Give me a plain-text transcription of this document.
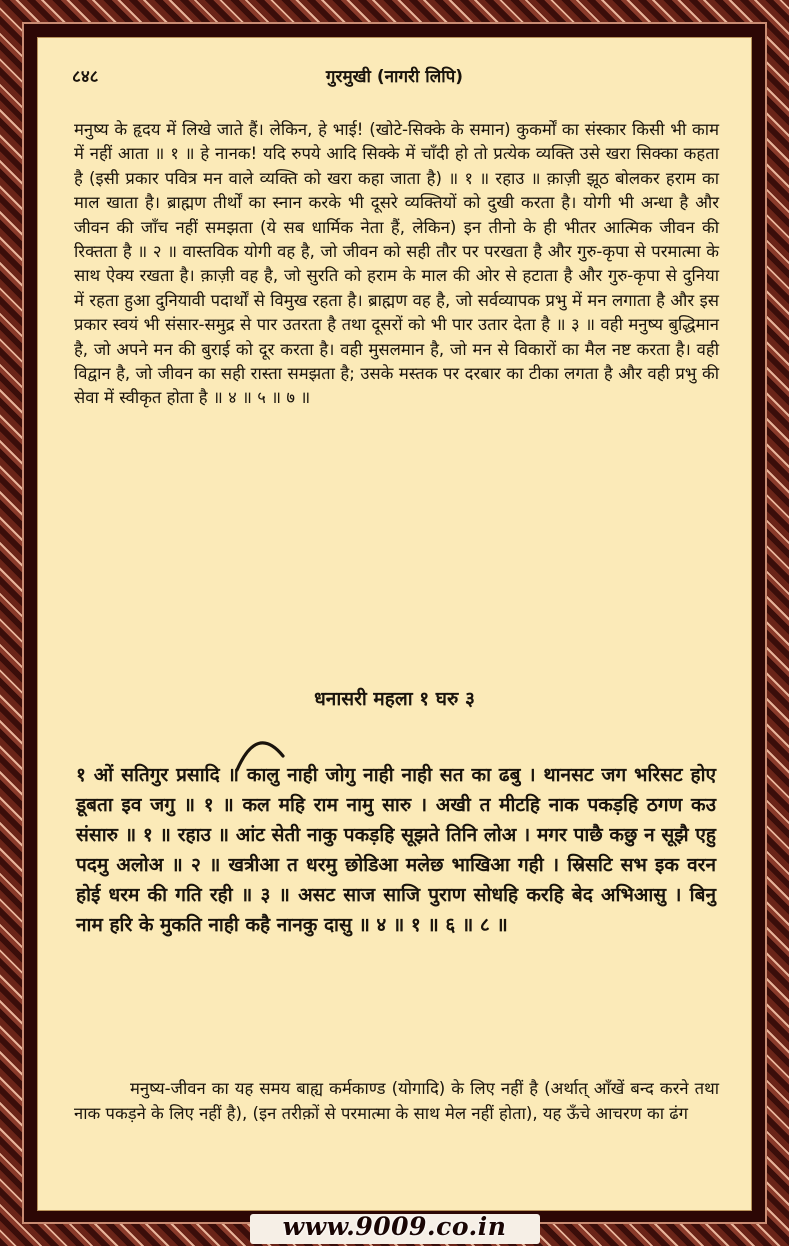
८४८	गुरमुखी (नागरी लिपि)

मनुष्य के हृदय में लिखे जाते हैं। लेकिन, हे भाई! (खोटे-सिक्के के समान) कुकर्मों का संस्कार किसी भी काम में नहीं आता ॥ १ ॥ हे नानक! यदि रुपये आदि सिक्के में चाँदी हो तो प्रत्येक व्यक्ति उसे खरा सिक्का कहता है (इसी प्रकार पवित्र मन वाले व्यक्ति को खरा कहा जाता है) ॥ १ ॥ रहाउ ॥ क़ाज़ी झूठ बोलकर हराम का माल खाता है। ब्राह्मण तीर्थों का स्नान करके भी दूसरे व्यक्तियों को दुखी करता है। योगी भी अन्धा है और जीवन की जाँच नहीं समझता (ये सब धार्मिक नेता हैं, लेकिन) इन तीनो के ही भीतर आत्मिक जीवन की रिक्तता है ॥ २ ॥ वास्तविक योगी वह है, जो जीवन को सही तौर पर परखता है और गुरु-कृपा से परमात्मा के साथ ऐक्य रखता है। क़ाज़ी वह है, जो सुरति को हराम के माल की ओर से हटाता है और गुरु-कृपा से दुनिया में रहता हुआ दुनियावी पदार्थों से विमुख रहता है। ब्राह्मण वह है, जो सर्वव्यापक प्रभु में मन लगाता है और इस प्रकार स्वयं भी संसार-समुद्र से पार उतरता है तथा दूसरों को भी पार उतार देता है ॥ ३ ॥ वही मनुष्य बुद्धिमान है, जो अपने मन की बुराई को दूर करता है। वही मुसलमान है, जो मन से विकारों का मैल नष्ट करता है। वही विद्वान है, जो जीवन का सही रास्ता समझता है; उसके मस्तक पर दरबार का टीका लगता है और वही प्रभु की सेवा में स्वीकृत होता है ॥ ४ ॥ ५ ॥ ७ ॥

धनासरी महला १ घरु ३

१ ओं सतिगुर प्रसादि ॥ कालु नाही जोगु नाही नाही सत का ढबु । थानसट जग भरिसट होए डूबता इव जगु ॥ १ ॥ कल महि राम नामु सारु । अखी त मीटहि नाक पकड़हि ठगण कउ संसारु ॥ १ ॥ रहाउ ॥ आंट सेती नाकु पकड़हि सूझते तिनि लोअ । मगर पाछै कछु न सूझै एहु पदमु अलोअ ॥ २ ॥ खत्रीआ त धरमु छोडिआ मलेछ भाखिआ गही । स्रिसटि सभ इक वरन होई धरम की गति रही ॥ ३ ॥ असट साज साजि पुराण सोधहि करहि बेद अभिआसु । बिनु नाम हरि के मुकति नाही कहै नानकु दासु ॥ ४ ॥ १ ॥ ६ ॥ ८ ॥

मनुष्य-जीवन का यह समय बाह्य कर्मकाण्ड (योगादि) के लिए नहीं है (अर्थात् आँखें बन्द करने तथा नाक पकड़ने के लिए नहीं है), (इन तरीक़ों से परमात्मा के साथ मेल नहीं होता), यह ऊँचे आचरण का ढंग

www.9009.co.in
